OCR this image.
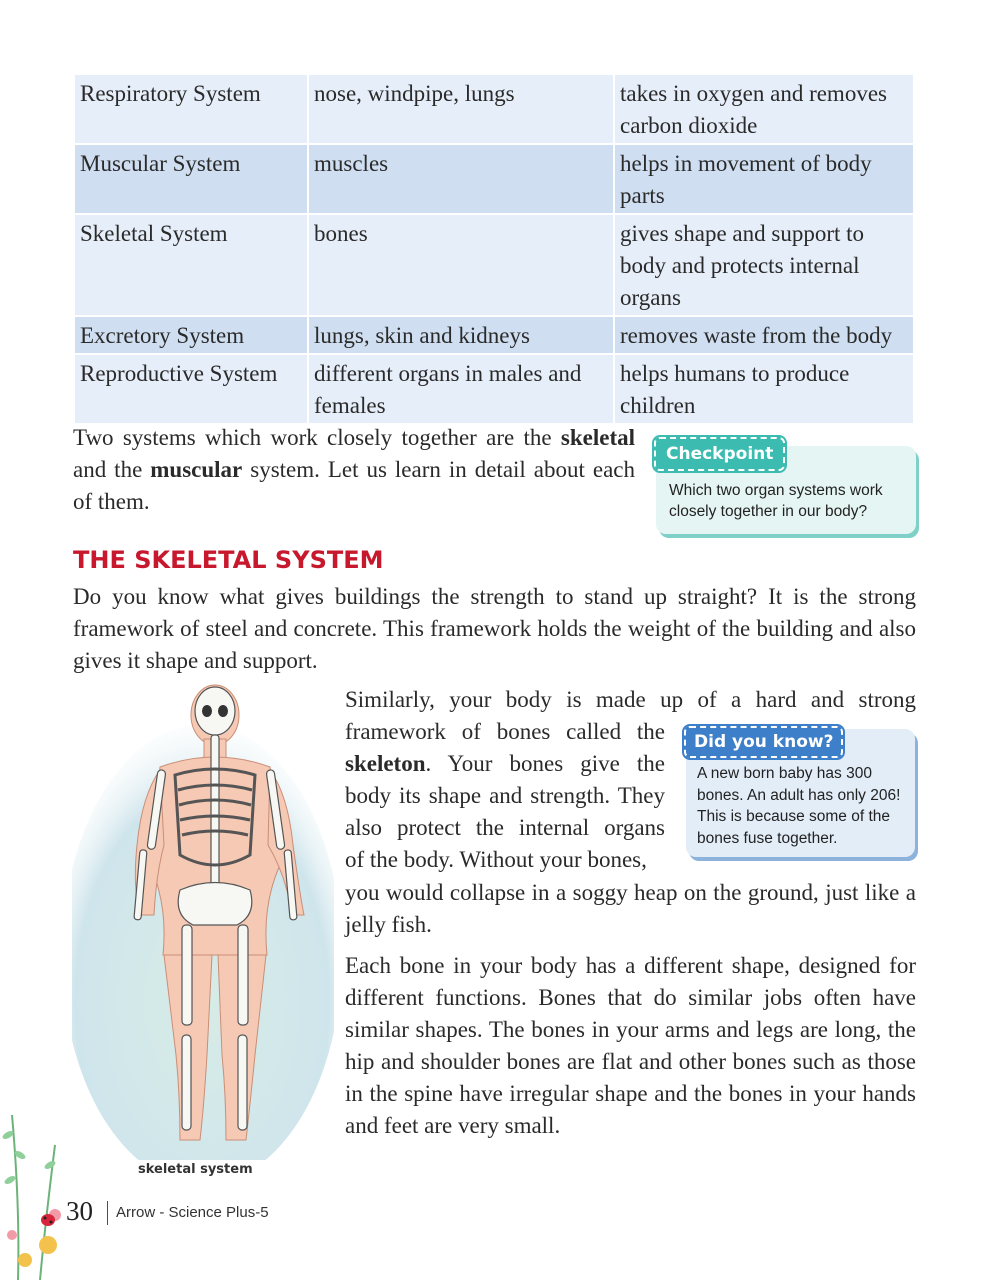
Respiratory System	nose, windpipe, lungs	takes in oxygen and removes carbon dioxide
Muscular System	muscles	helps in movement of body parts
Skeletal System	bones	gives shape and support to body and protects internal organs
Excretory System	lungs, skin and kidneys	removes waste from the body
Reproductive System	different organs in males and females	helps humans to produce children

Two systems which work closely together are the skeletal and the muscular system. Let us learn in detail about each of them.

Checkpoint
Which two organ systems work closely together in our body?
THE SKELETAL SYSTEM

Do you know what gives buildings the strength to stand up straight? It is the strong framework of steel and concrete. This framework holds the weight of the building and also gives it shape and support.

Similarly, your body is made up of a hard and strong
framework of bones called the
skeleton. Your bones give the
body its shape and strength. They
also protect the internal organs
of the body. Without your bones,

you would collapse in a soggy heap on the ground, just like a jelly fish.

Each bone in your body has a different shape, designed for different functions. Bones that do similar jobs often have similar shapes. The bones in your arms and legs are long, the hip and shoulder bones are flat and other bones such as those in the spine have irregular shape and the bones in your hands and feet are very small.

Did you know?
A new born baby has 300 bones. An adult has only 206! This is because some of the bones fuse together.
skeletal system
30 Arrow - Science Plus-5
